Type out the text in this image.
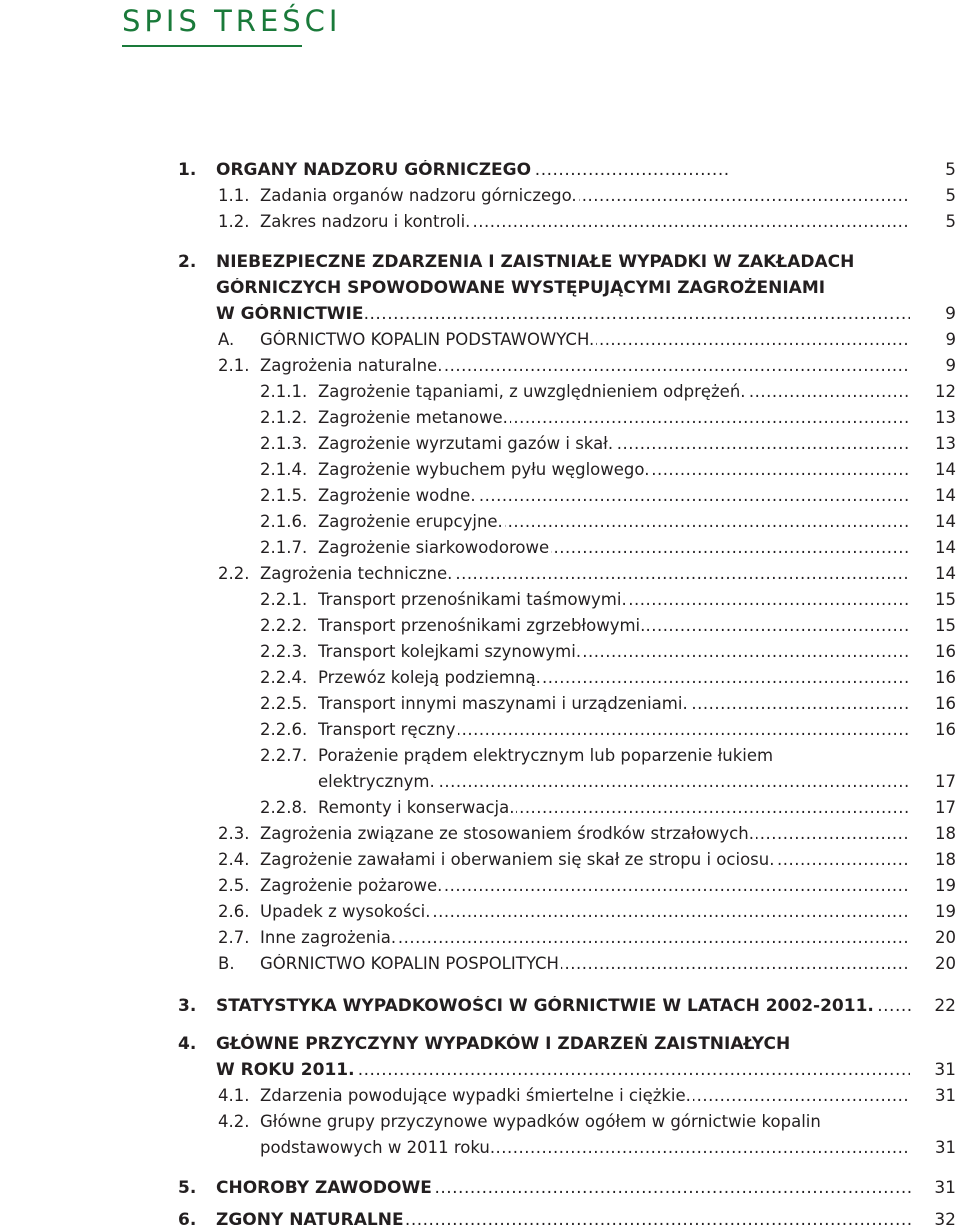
SPIS TREŚCI
1.	ORGANY NADZORU GÓRNICZEGO .....	5
1.1. Zadania organów nadzoru górniczego. .....	5
1.2. Zakres nadzoru i kontroli. .....	5
2.	NIEBEZPIECZNE ZDARZENIA I ZAISTNIAŁE WYPADKI W ZAKŁADACH
GÓRNICZYCH SPOWODOWANE WYSTĘPUJĄCYMI ZAGROŻENIAMI
W GÓRNICTWIE .....	9
A.	GÓRNICTWO KOPALIN PODSTAWOWYCH. .....	9
2.1. Zagrożenia naturalne. .....	9
2.1.1. Zagrożenie tąpaniami, z uwzględnieniem odprężeń. .....	12
2.1.2. Zagrożenie metanowe. .....	13
2.1.3. Zagrożenie wyrzutami gazów i skał. .....	13
2.1.4. Zagrożenie wybuchem pyłu węglowego. .....	14
2.1.5. Zagrożenie wodne. .....	14
2.1.6. Zagrożenie erupcyjne. .....	14
2.1.7. Zagrożenie siarkowodorowe .....	14
2.2. Zagrożenia techniczne. .....	14
2.2.1. Transport przenośnikami taśmowymi. .....	15
2.2.2. Transport przenośnikami zgrzebłowymi. .....	15
2.2.3. Transport kolejkami szynowymi. .....	16
2.2.4. Przewóz koleją podziemną. .....	16
2.2.5. Transport innymi maszynami i urządzeniami. .....	16
2.2.6. Transport ręczny .....	16
2.2.7. Porażenie prądem elektrycznym lub poparzenie łukiem
elektrycznym. .....	17
2.2.8. Remonty i konserwacja. .....	17
2.3. Zagrożenia związane ze stosowaniem środków strzałowych. .....	18
2.4. Zagrożenie zawałami i oberwaniem się skał ze stropu i ociosu. .....	18
2.5. Zagrożenie pożarowe. .....	19
2.6. Upadek z wysokości. .....	19
2.7. Inne zagrożenia. .....	20
B.	GÓRNICTWO KOPALIN POSPOLITYCH .....	20
3.	STATYSTYKA WYPADKOWOŚCI W GÓRNICTWIE W LATACH 2002-2011. .....	22
4.	GŁÓWNE PRZYCZYNY WYPADKÓW I ZDARZEŃ ZAISTNIAŁYCH
W ROKU 2011. .....	31
4.1. Zdarzenia powodujące wypadki śmiertelne i ciężkie. .....	31
4.2. Główne grupy przyczynowe wypadków ogółem w górnictwie kopalin
podstawowych w 2011 roku. .....	31
5.	CHOROBY ZAWODOWE .....	31
6.	ZGONY NATURALNE .....	32
